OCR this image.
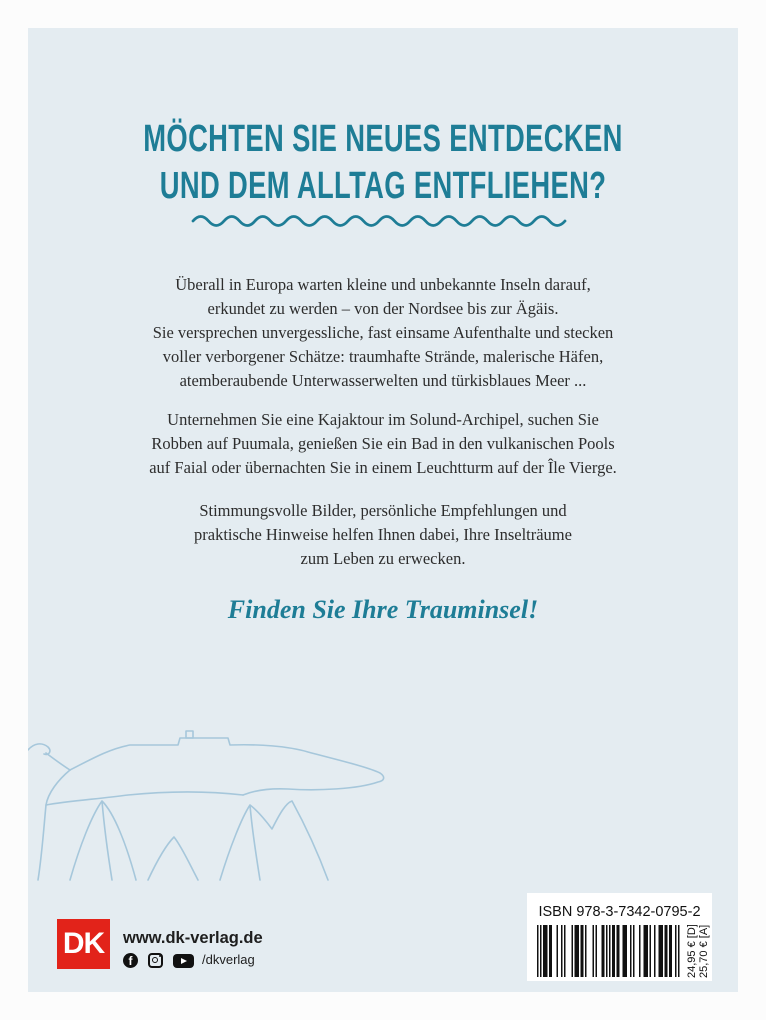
MÖCHTEN SIE NEUES ENTDECKEN
UND DEM ALLTAG ENTFLIEHEN?
Überall in Europa warten kleine und unbekannte Inseln darauf,
erkundet zu werden – von der Nordsee bis zur Ägäis.
Sie versprechen unvergessliche, fast einsame Aufenthalte und stecken
voller verborgener Schätze: traumhafte Strände, malerische Häfen,
atemberaubende Unterwasserwelten und türkisblaues Meer ...
Unternehmen Sie eine Kajaktour im Solund-Archipel, suchen Sie
Robben auf Puumala, genießen Sie ein Bad in den vulkanischen Pools
auf Faial oder übernachten Sie in einem Leuchtturm auf der Île Vierge.
Stimmungsvolle Bilder, persönliche Empfehlungen und
praktische Hinweise helfen Ihnen dabei, Ihre Inselträume
zum Leben zu erwecken.
Finden Sie Ihre Trauminsel!
DK	www.dk-verlag.de
f	/dkverlag
ISBN 978-3-7342-0795-2
24,95 € [D] 25,70 € [A]
